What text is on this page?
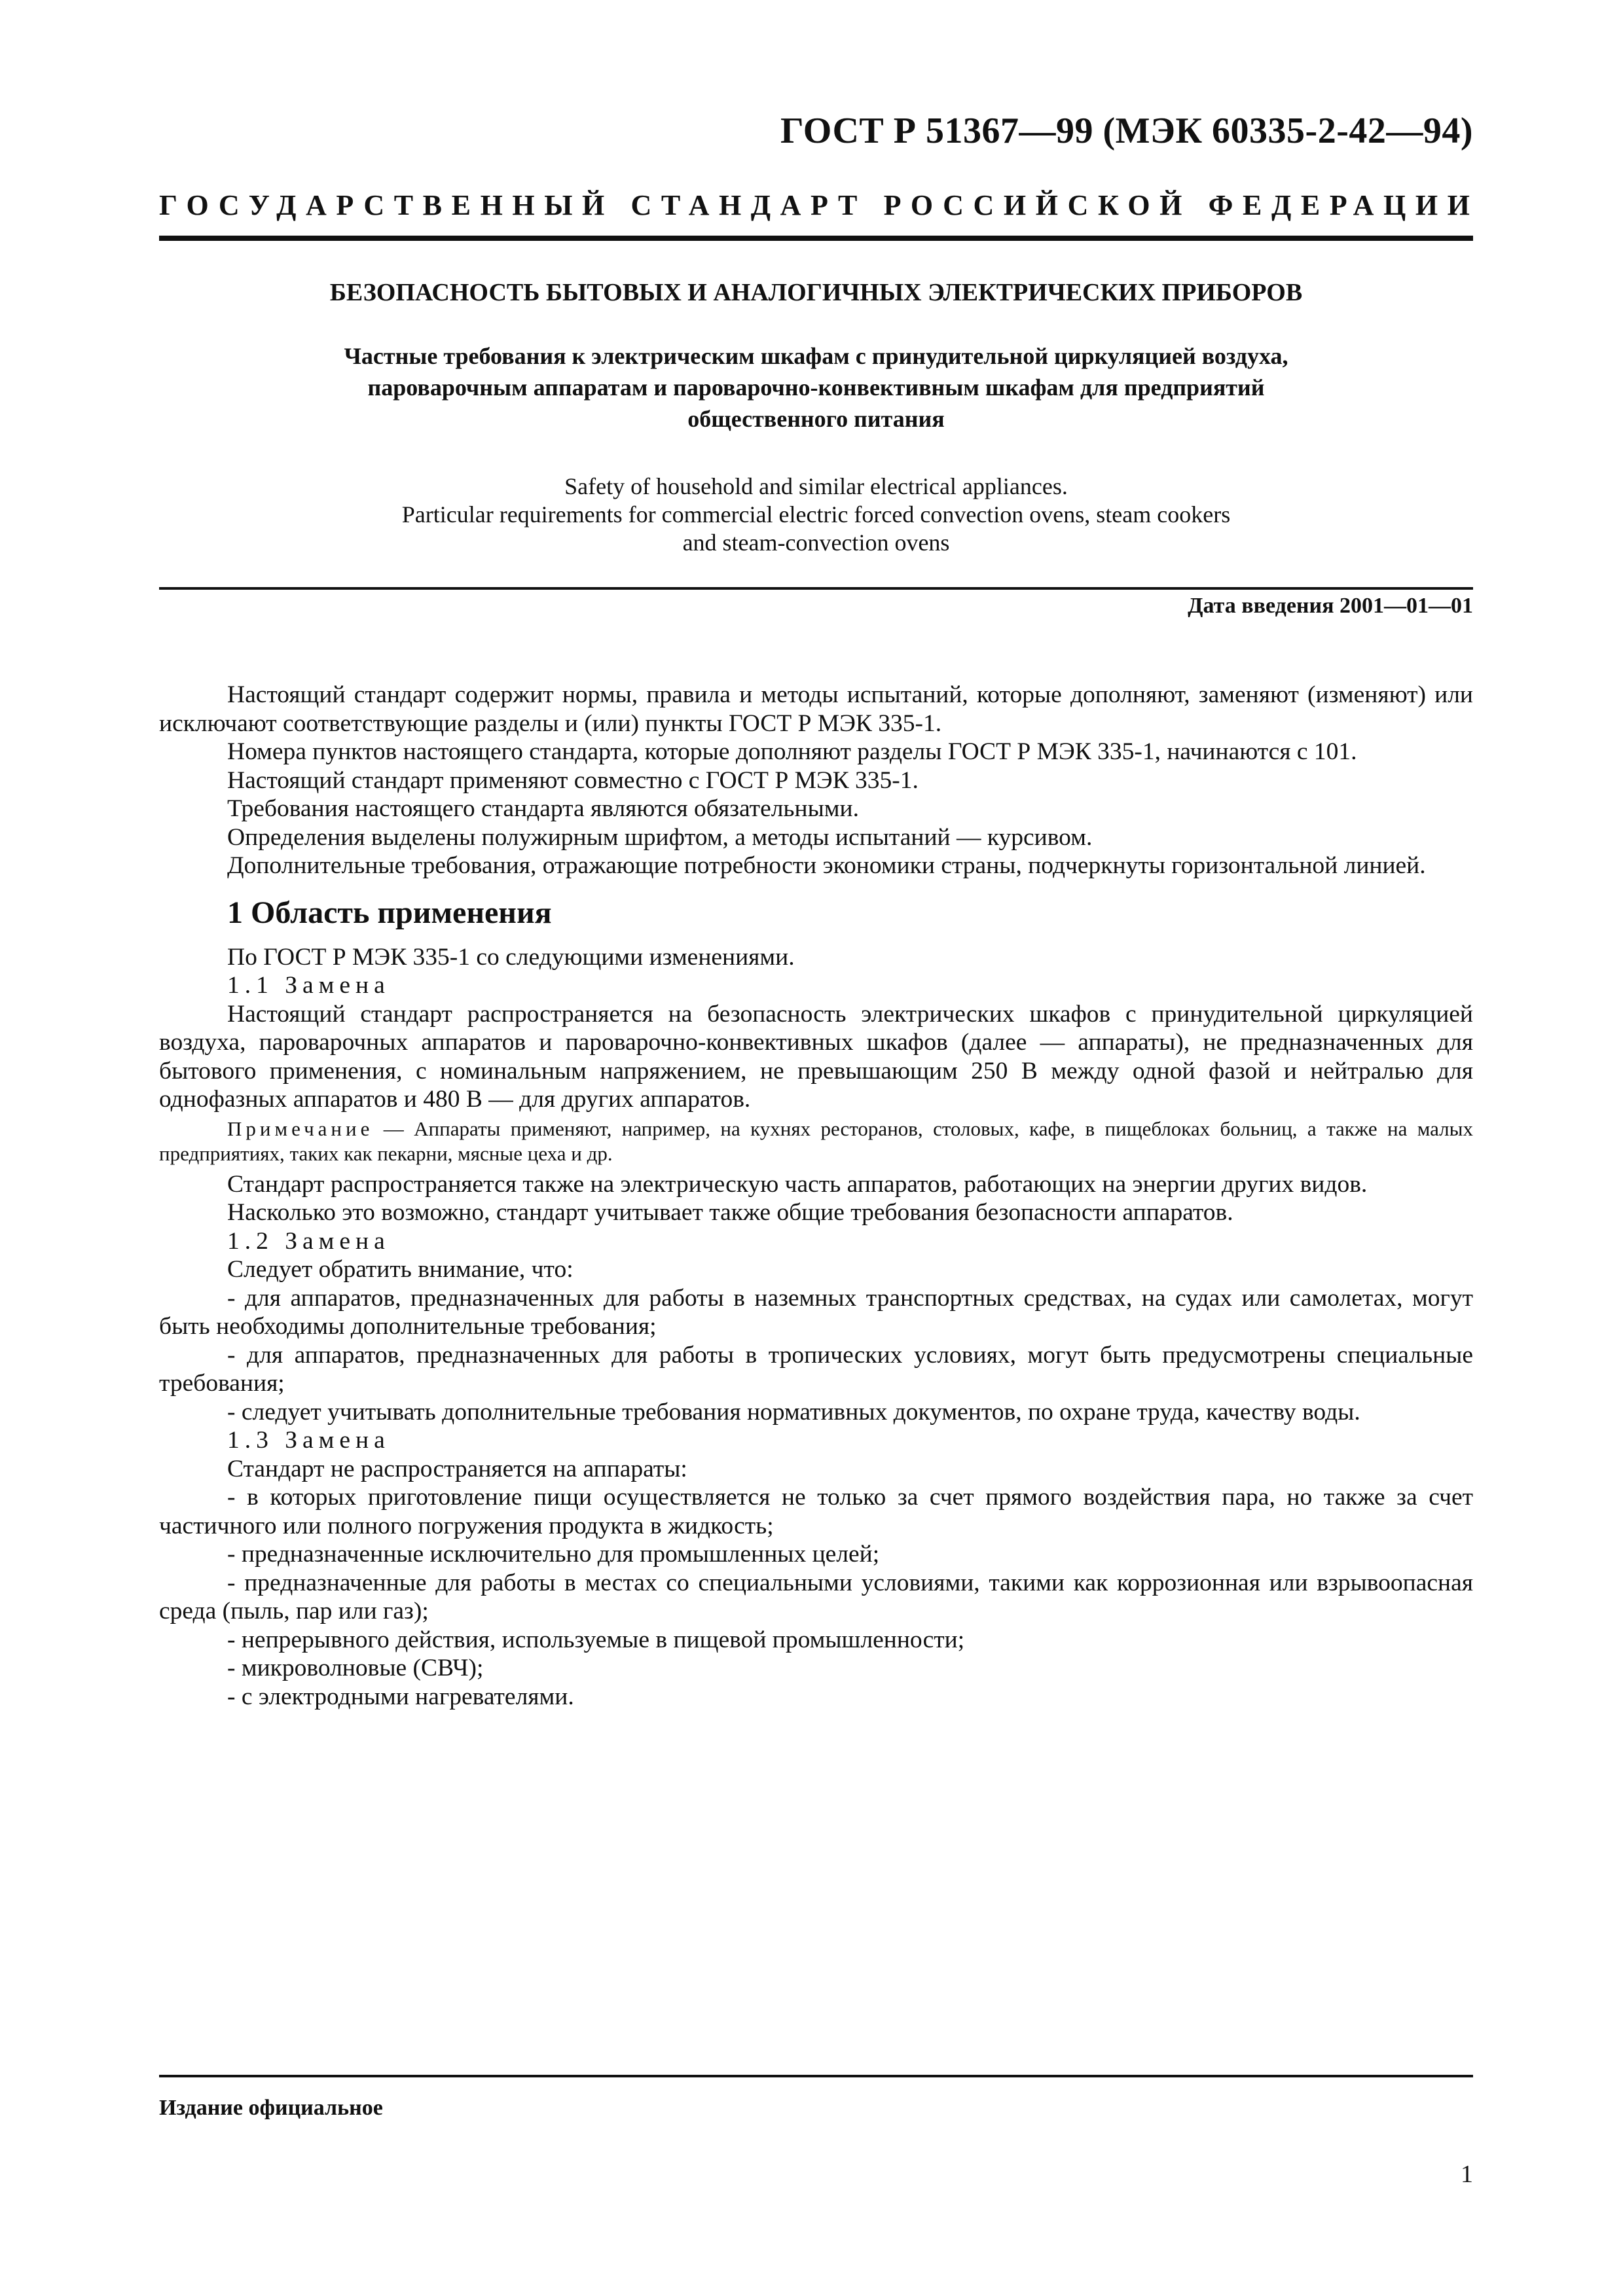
ГОСТ Р 51367—99 (МЭК 60335-2-42—94)
ГОСУДАРСТВЕННЫЙ СТАНДАРТ РОССИЙСКОЙ ФЕДЕРАЦИИ
БЕЗОПАСНОСТЬ БЫТОВЫХ И АНАЛОГИЧНЫХ ЭЛЕКТРИЧЕСКИХ ПРИБОРОВ
Частные требования к электрическим шкафам с принудительной циркуляцией воздуха,
пароварочным аппаратам и пароварочно-конвективным шкафам для предприятий
общественного питания
Safety of household and similar electrical appliances.
Particular requirements for commercial electric forced convection ovens, steam cookers
and steam-convection ovens
Дата введения 2001—01—01

Настоящий стандарт содержит нормы, правила и методы испытаний, которые дополняют, заменяют (изменяют) или исключают соответствующие разделы и (или) пункты ГОСТ Р МЭК 335-1.

Номера пунктов настоящего стандарта, которые дополняют разделы ГОСТ Р МЭК 335-1, начинаются с 101.

Настоящий стандарт применяют совместно с ГОСТ Р МЭК 335-1.

Требования настоящего стандарта являются обязательными.

Определения выделены полужирным шрифтом, а методы испытаний — курсивом.

Дополнительные требования, отражающие потребности экономики страны, подчеркнуты горизонтальной линией.

1 Область применения

По ГОСТ Р МЭК 335-1 со следующими изменениями.

1.1 Замена

Настоящий стандарт распространяется на безопасность электрических шкафов с принудительной циркуляцией воздуха, пароварочных аппаратов и пароварочно-конвективных шкафов (далее — аппараты), не предназначенных для бытового применения, с номинальным напряжением, не превышающим 250 В между одной фазой и нейтралью для однофазных аппаратов и 480 В — для других аппаратов.

Примечание — Аппараты применяют, например, на кухнях ресторанов, столовых, кафе, в пищеблоках больниц, а также на малых предприятиях, таких как пекарни, мясные цеха и др.

Стандарт распространяется также на электрическую часть аппаратов, работающих на энергии других видов.

Насколько это возможно, стандарт учитывает также общие требования безопасности аппаратов.

1.2 Замена

Следует обратить внимание, что:

- для аппаратов, предназначенных для работы в наземных транспортных средствах, на судах или самолетах, могут быть необходимы дополнительные требования;

- для аппаратов, предназначенных для работы в тропических условиях, могут быть предусмотрены специальные требования;

- следует учитывать дополнительные требования нормативных документов, по охране труда, качеству воды.

1.3 Замена

Стандарт не распространяется на аппараты:

- в которых приготовление пищи осуществляется не только за счет прямого воздействия пара, но также за счет частичного или полного погружения продукта в жидкость;

- предназначенные исключительно для промышленных целей;

- предназначенные для работы в местах со специальными условиями, такими как коррозионная или взрывоопасная среда (пыль, пар или газ);

- непрерывного действия, используемые в пищевой промышленности;

- микроволновые (СВЧ);

- с электродными нагревателями.

Издание официальное
1
